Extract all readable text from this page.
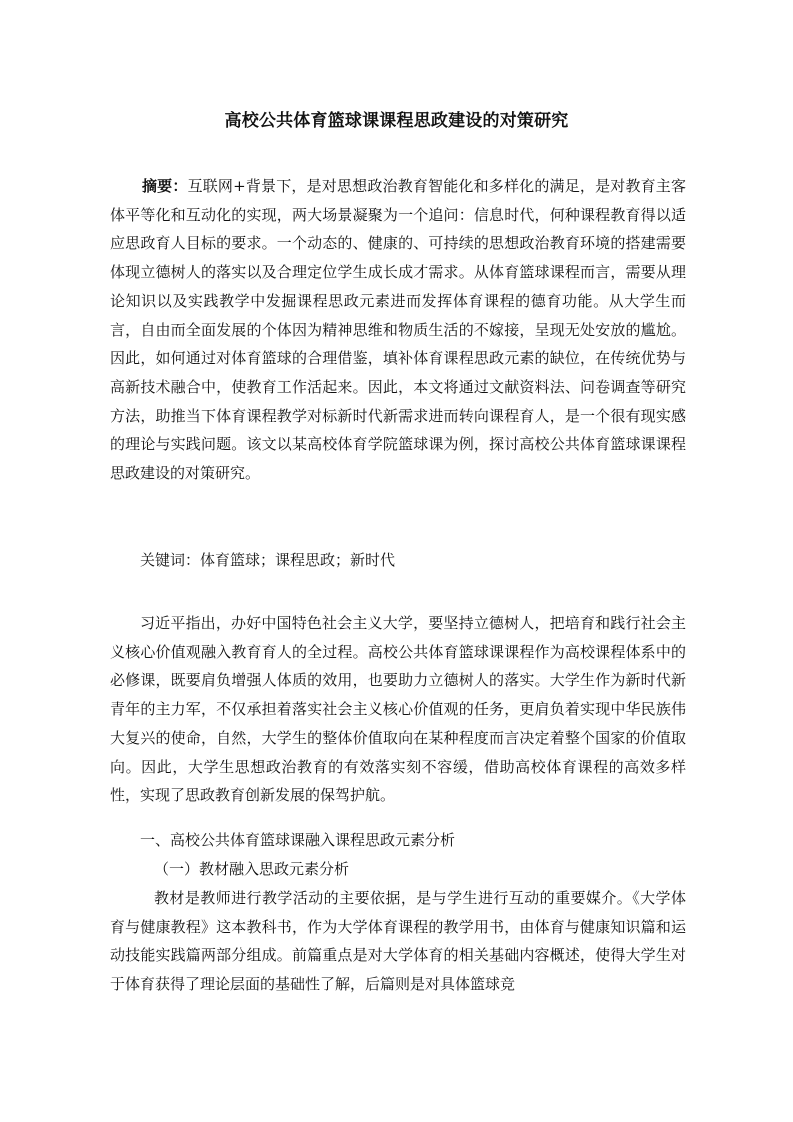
高校公共体育篮球课课程思政建设的对策研究

摘要：互联网+背景下，是对思想政治教育智能化和多样化的满足，是对教育主客体平等化和互动化的实现，两大场景凝聚为一个追问：信息时代，何种课程教育得以适应思政育人目标的要求。一个动态的、健康的、可持续的思想政治教育环境的搭建需要体现立德树人的落实以及合理定位学生成长成才需求。从体育篮球课程而言，需要从理论知识以及实践教学中发掘课程思政元素进而发挥体育课程的德育功能。从大学生而言，自由而全面发展的个体因为精神思维和物质生活的不嫁接，呈现无处安放的尴尬。因此，如何通过对体育篮球的合理借鉴，填补体育课程思政元素的缺位，在传统优势与高新技术融合中，使教育工作活起来。因此，本文将通过文献资料法、问卷调查等研究方法，助推当下体育课程教学对标新时代新需求进而转向课程育人，是一个很有现实感的理论与实践问题。该文以某高校体育学院篮球课为例，探讨高校公共体育篮球课课程思政建设的对策研究。

关键词：体育篮球；课程思政；新时代

习近平指出，办好中国特色社会主义大学，要坚持立德树人，把培育和践行社会主义核心价值观融入教育育人的全过程。高校公共体育篮球课课程作为高校课程体系中的必修课，既要肩负增强人体质的效用，也要助力立德树人的落实。大学生作为新时代新青年的主力军，不仅承担着落实社会主义核心价值观的任务，更肩负着实现中华民族伟大复兴的使命，自然，大学生的整体价值取向在某种程度而言决定着整个国家的价值取向。因此，大学生思想政治教育的有效落实刻不容缓，借助高校体育课程的高效多样性，实现了思政教育创新发展的保驾护航。

一、高校公共体育篮球课融入课程思政元素分析

（一）教材融入思政元素分析

教材是教师进行教学活动的主要依据，是与学生进行互动的重要媒介。《大学体育与健康教程》这本教科书，作为大学体育课程的教学用书，由体育与健康知识篇和运动技能实践篇两部分组成。前篇重点是对大学体育的相关基础内容概述，使得大学生对于体育获得了理论层面的基础性了解，后篇则是对具体篮球竞
